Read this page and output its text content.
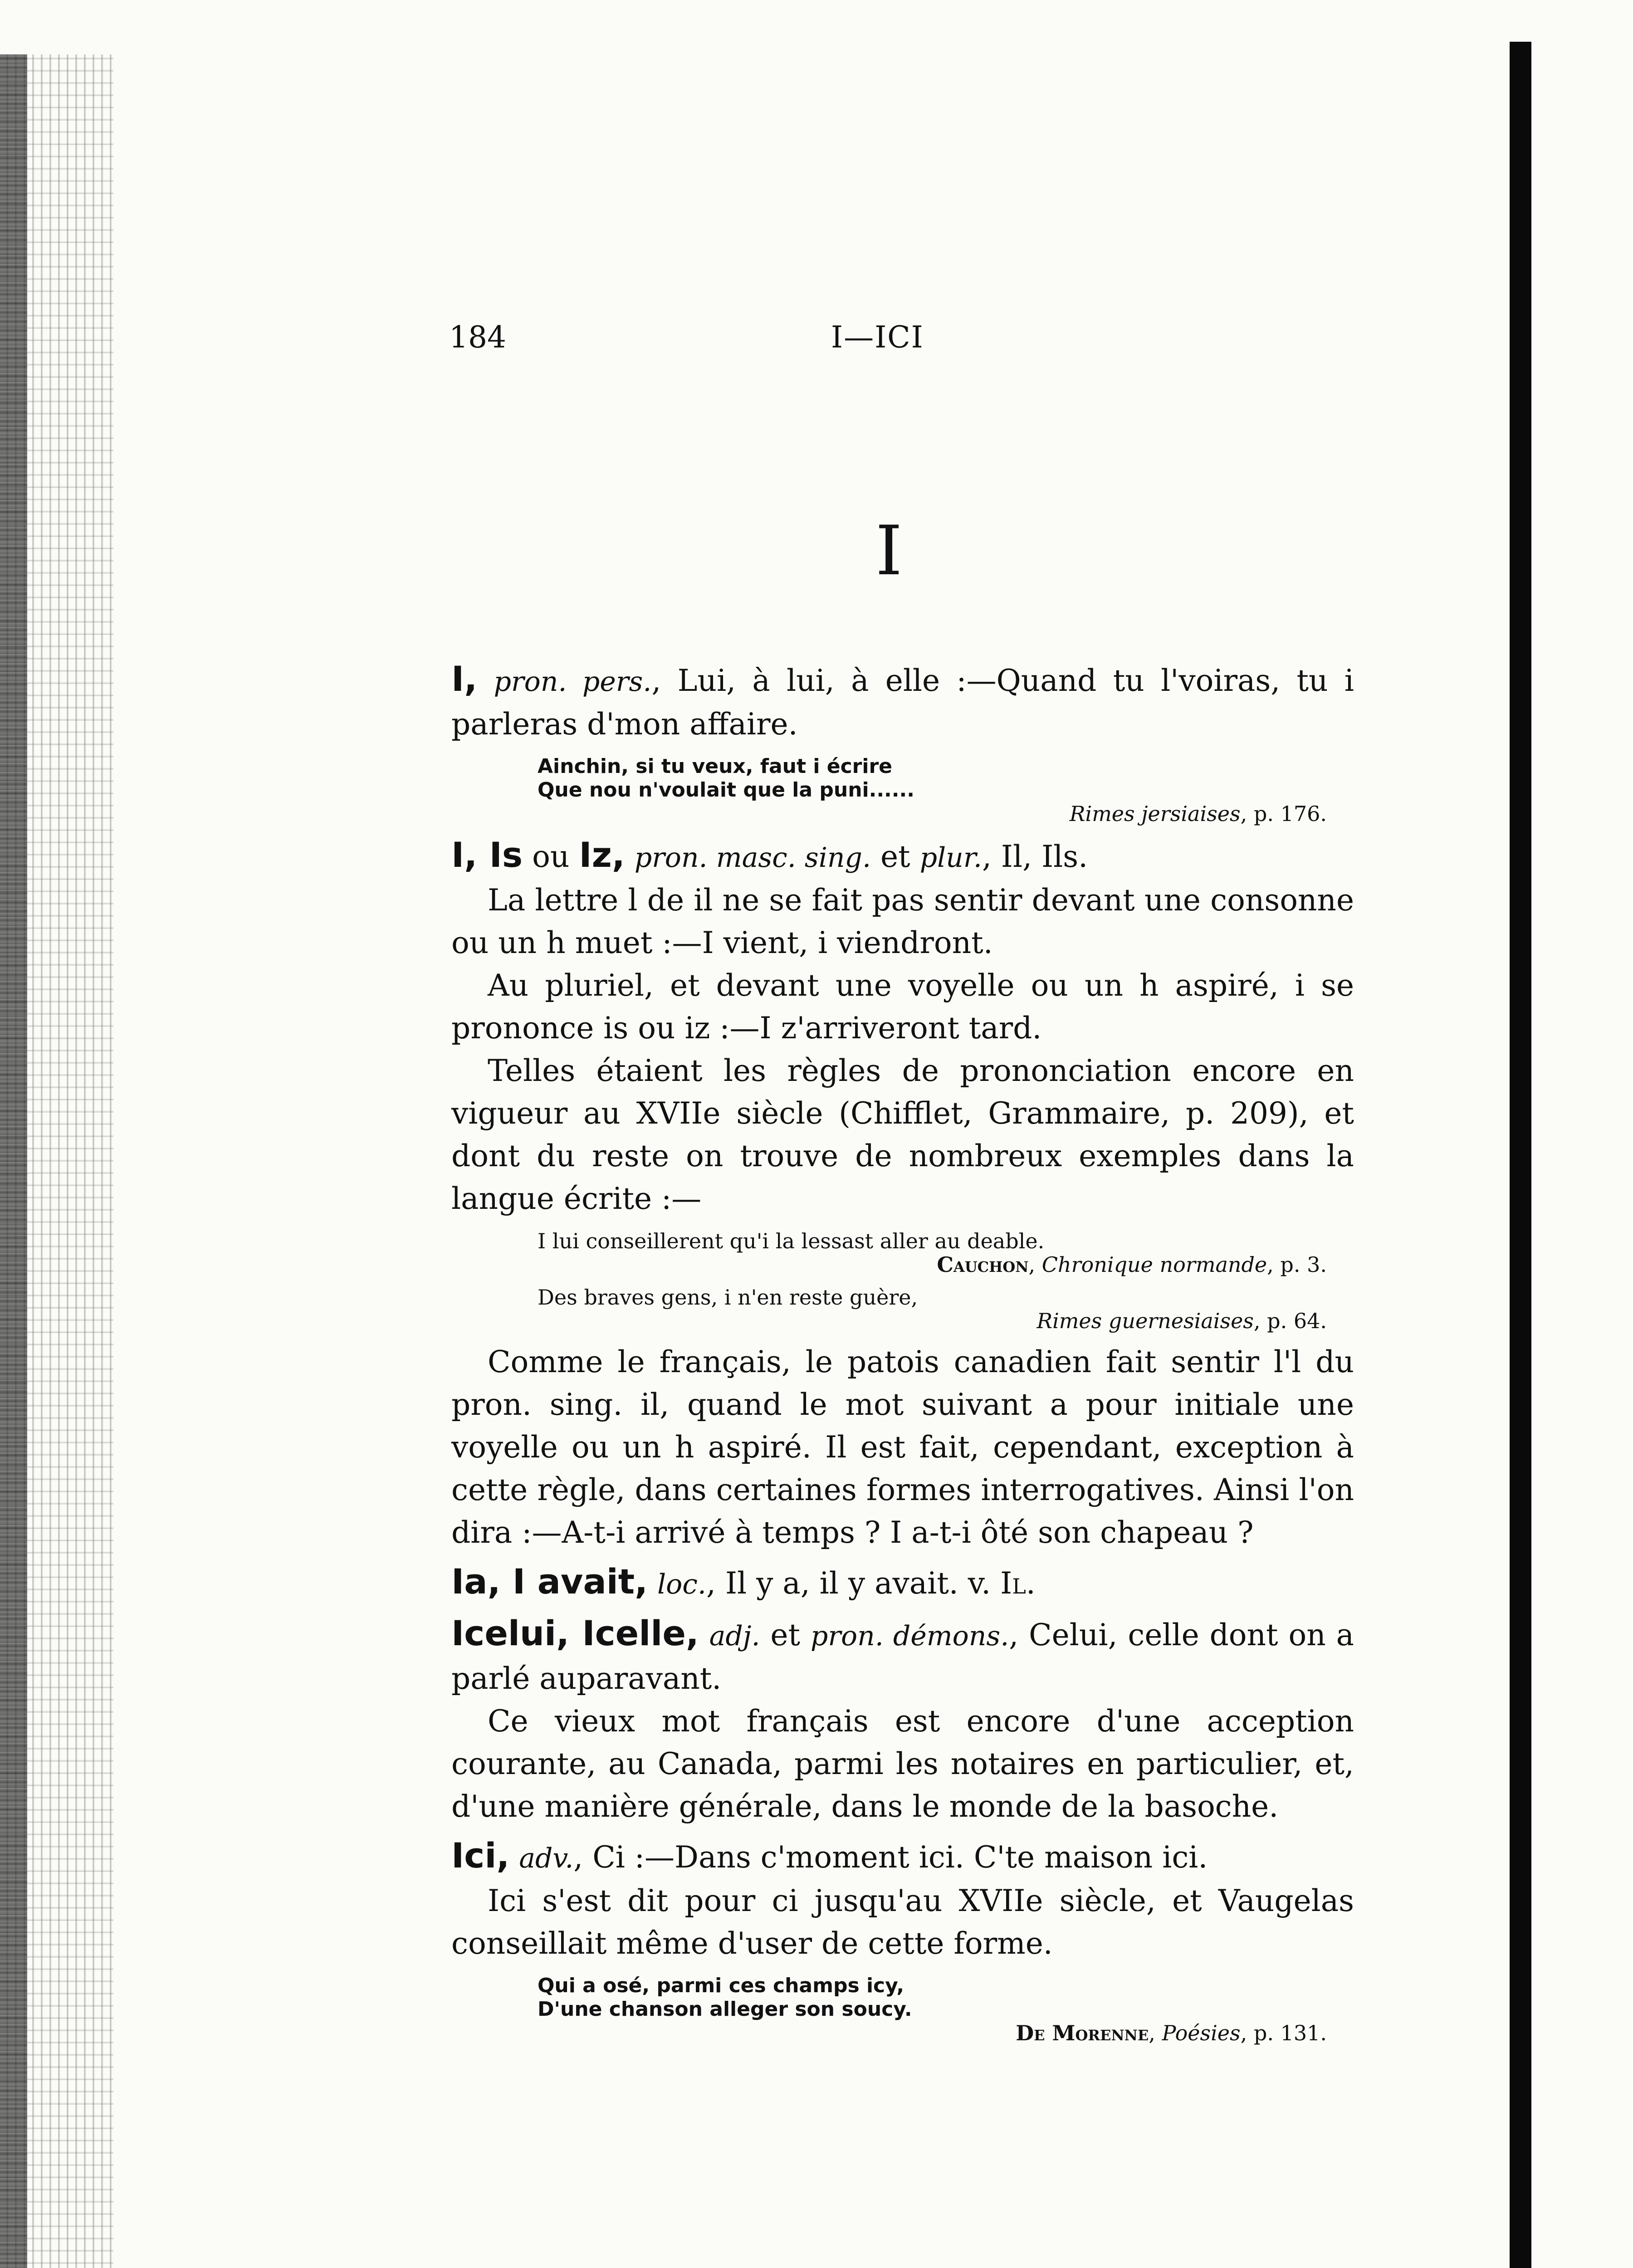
184	I—ICI
I

I, pron. pers., Lui, à lui, à elle :—Quand tu l'voiras, tu i parleras d'mon affaire.

Ainchin, si tu veux, faut i écrire
Que nou n'voulait que la puni......
Rimes jersiaises, p. 176.

I, Is ou Iz, pron. masc. sing. et plur., Il, Ils.

La lettre l de il ne se fait pas sentir devant une consonne ou un h muet :—I vient, i viendront.

Au pluriel, et devant une voyelle ou un h aspiré, i se prononce is ou iz :—I z'arriveront tard.

Telles étaient les règles de prononciation encore en vigueur au XVIIe siècle (Chifflet, Grammaire, p. 209), et dont du reste on trouve de nombreux exemples dans la langue écrite :—

I lui conseillerent qu'i la lessast aller au deable.
Cauchon, Chronique normande, p. 3.
Des braves gens, i n'en reste guère,
Rimes guernesiaises, p. 64.

Comme le français, le patois canadien fait sentir l'l du pron. sing. il, quand le mot suivant a pour initiale une voyelle ou un h aspiré. Il est fait, cependant, exception à cette règle, dans certaines formes interrogatives. Ainsi l'on dira :—A-t-i arrivé à temps ? I a-t-i ôté son chapeau ?

Ia, I avait, loc., Il y a, il y avait. v. Il.

Icelui, Icelle, adj. et pron. démons., Celui, celle dont on a parlé auparavant.

Ce vieux mot français est encore d'une acception courante, au Canada, parmi les notaires en particulier, et, d'une manière générale, dans le monde de la basoche.

Ici, adv., Ci :—Dans c'moment ici. C'te maison ici.

Ici s'est dit pour ci jusqu'au XVIIe siècle, et Vaugelas conseillait même d'user de cette forme.

Qui a osé, parmi ces champs icy,
D'une chanson alleger son soucy.
De Morenne, Poésies, p. 131.
